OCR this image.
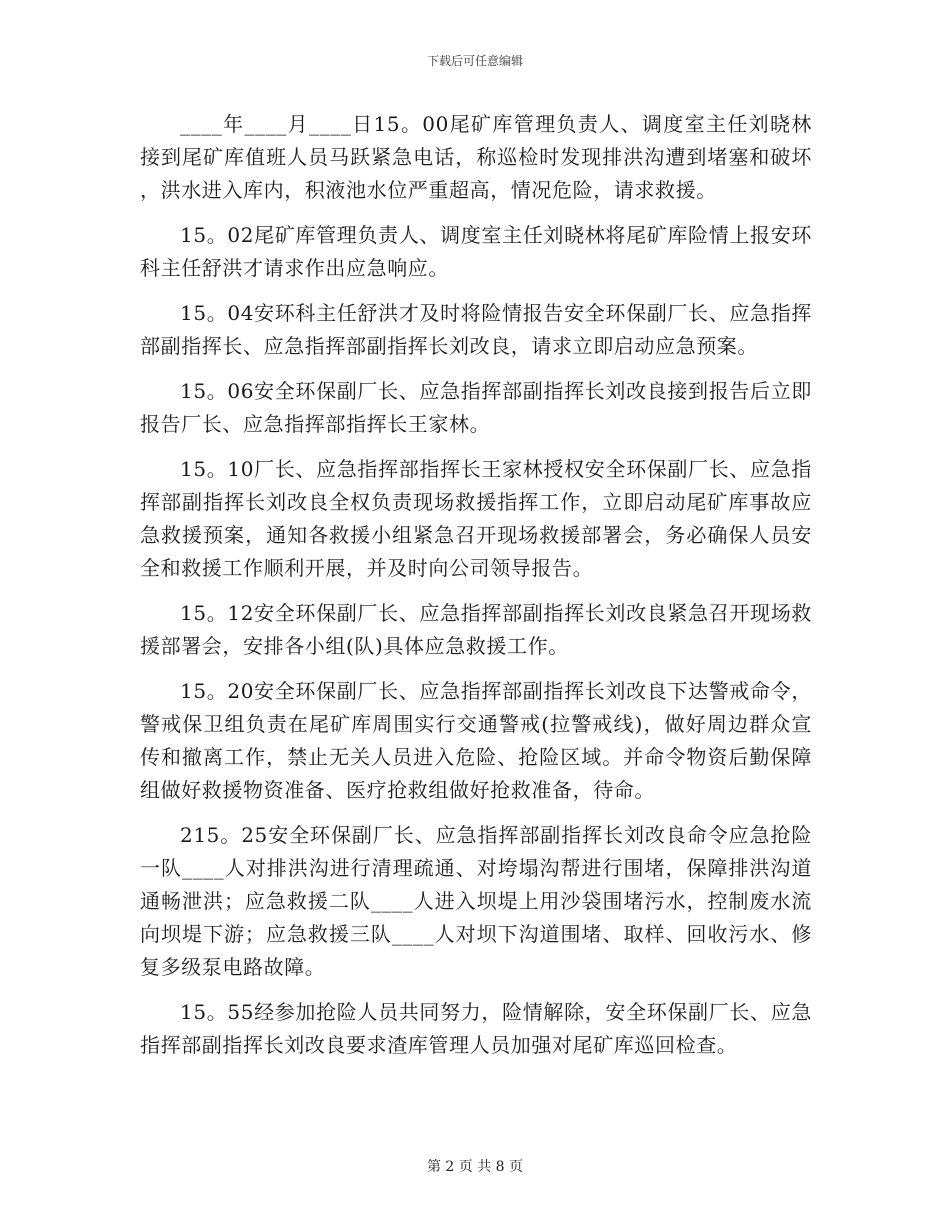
下载后可任意编辑

____年____月____日15。00尾矿库管理负责人、调度室主任刘晓林接到尾矿库值班人员马跃紧急电话，称巡检时发现排洪沟遭到堵塞和破坏，洪水进入库内，积液池水位严重超高，情况危险，请求救援。

15。02尾矿库管理负责人、调度室主任刘晓林将尾矿库险情上报安环科主任舒洪才请求作出应急响应。

15。04安环科主任舒洪才及时将险情报告安全环保副厂长、应急指挥部副指挥长、应急指挥部副指挥长刘改良，请求立即启动应急预案。

15。06安全环保副厂长、应急指挥部副指挥长刘改良接到报告后立即报告厂长、应急指挥部指挥长王家林。

15。10厂长、应急指挥部指挥长王家林授权安全环保副厂长、应急指挥部副指挥长刘改良全权负责现场救援指挥工作，立即启动尾矿库事故应急救援预案，通知各救援小组紧急召开现场救援部署会，务必确保人员安全和救援工作顺利开展，并及时向公司领导报告。

15。12安全环保副厂长、应急指挥部副指挥长刘改良紧急召开现场救援部署会，安排各小组(队)具体应急救援工作。

15。20安全环保副厂长、应急指挥部副指挥长刘改良下达警戒命令，警戒保卫组负责在尾矿库周围实行交通警戒(拉警戒线)，做好周边群众宣传和撤离工作，禁止无关人员进入危险、抢险区域。并命令物资后勤保障组做好救援物资准备、医疗抢救组做好抢救准备，待命。

215。25安全环保副厂长、应急指挥部副指挥长刘改良命令应急抢险一队____人对排洪沟进行清理疏通、对垮塌沟帮进行围堵，保障排洪沟道通畅泄洪；应急救援二队____人进入坝堤上用沙袋围堵污水，控制废水流向坝堤下游；应急救援三队____人对坝下沟道围堵、取样、回收污水、修复多级泵电路故障。

15。55经参加抢险人员共同努力，险情解除，安全环保副厂长、应急指挥部副指挥长刘改良要求渣库管理人员加强对尾矿库巡回检查。

第 2 页 共 8 页
